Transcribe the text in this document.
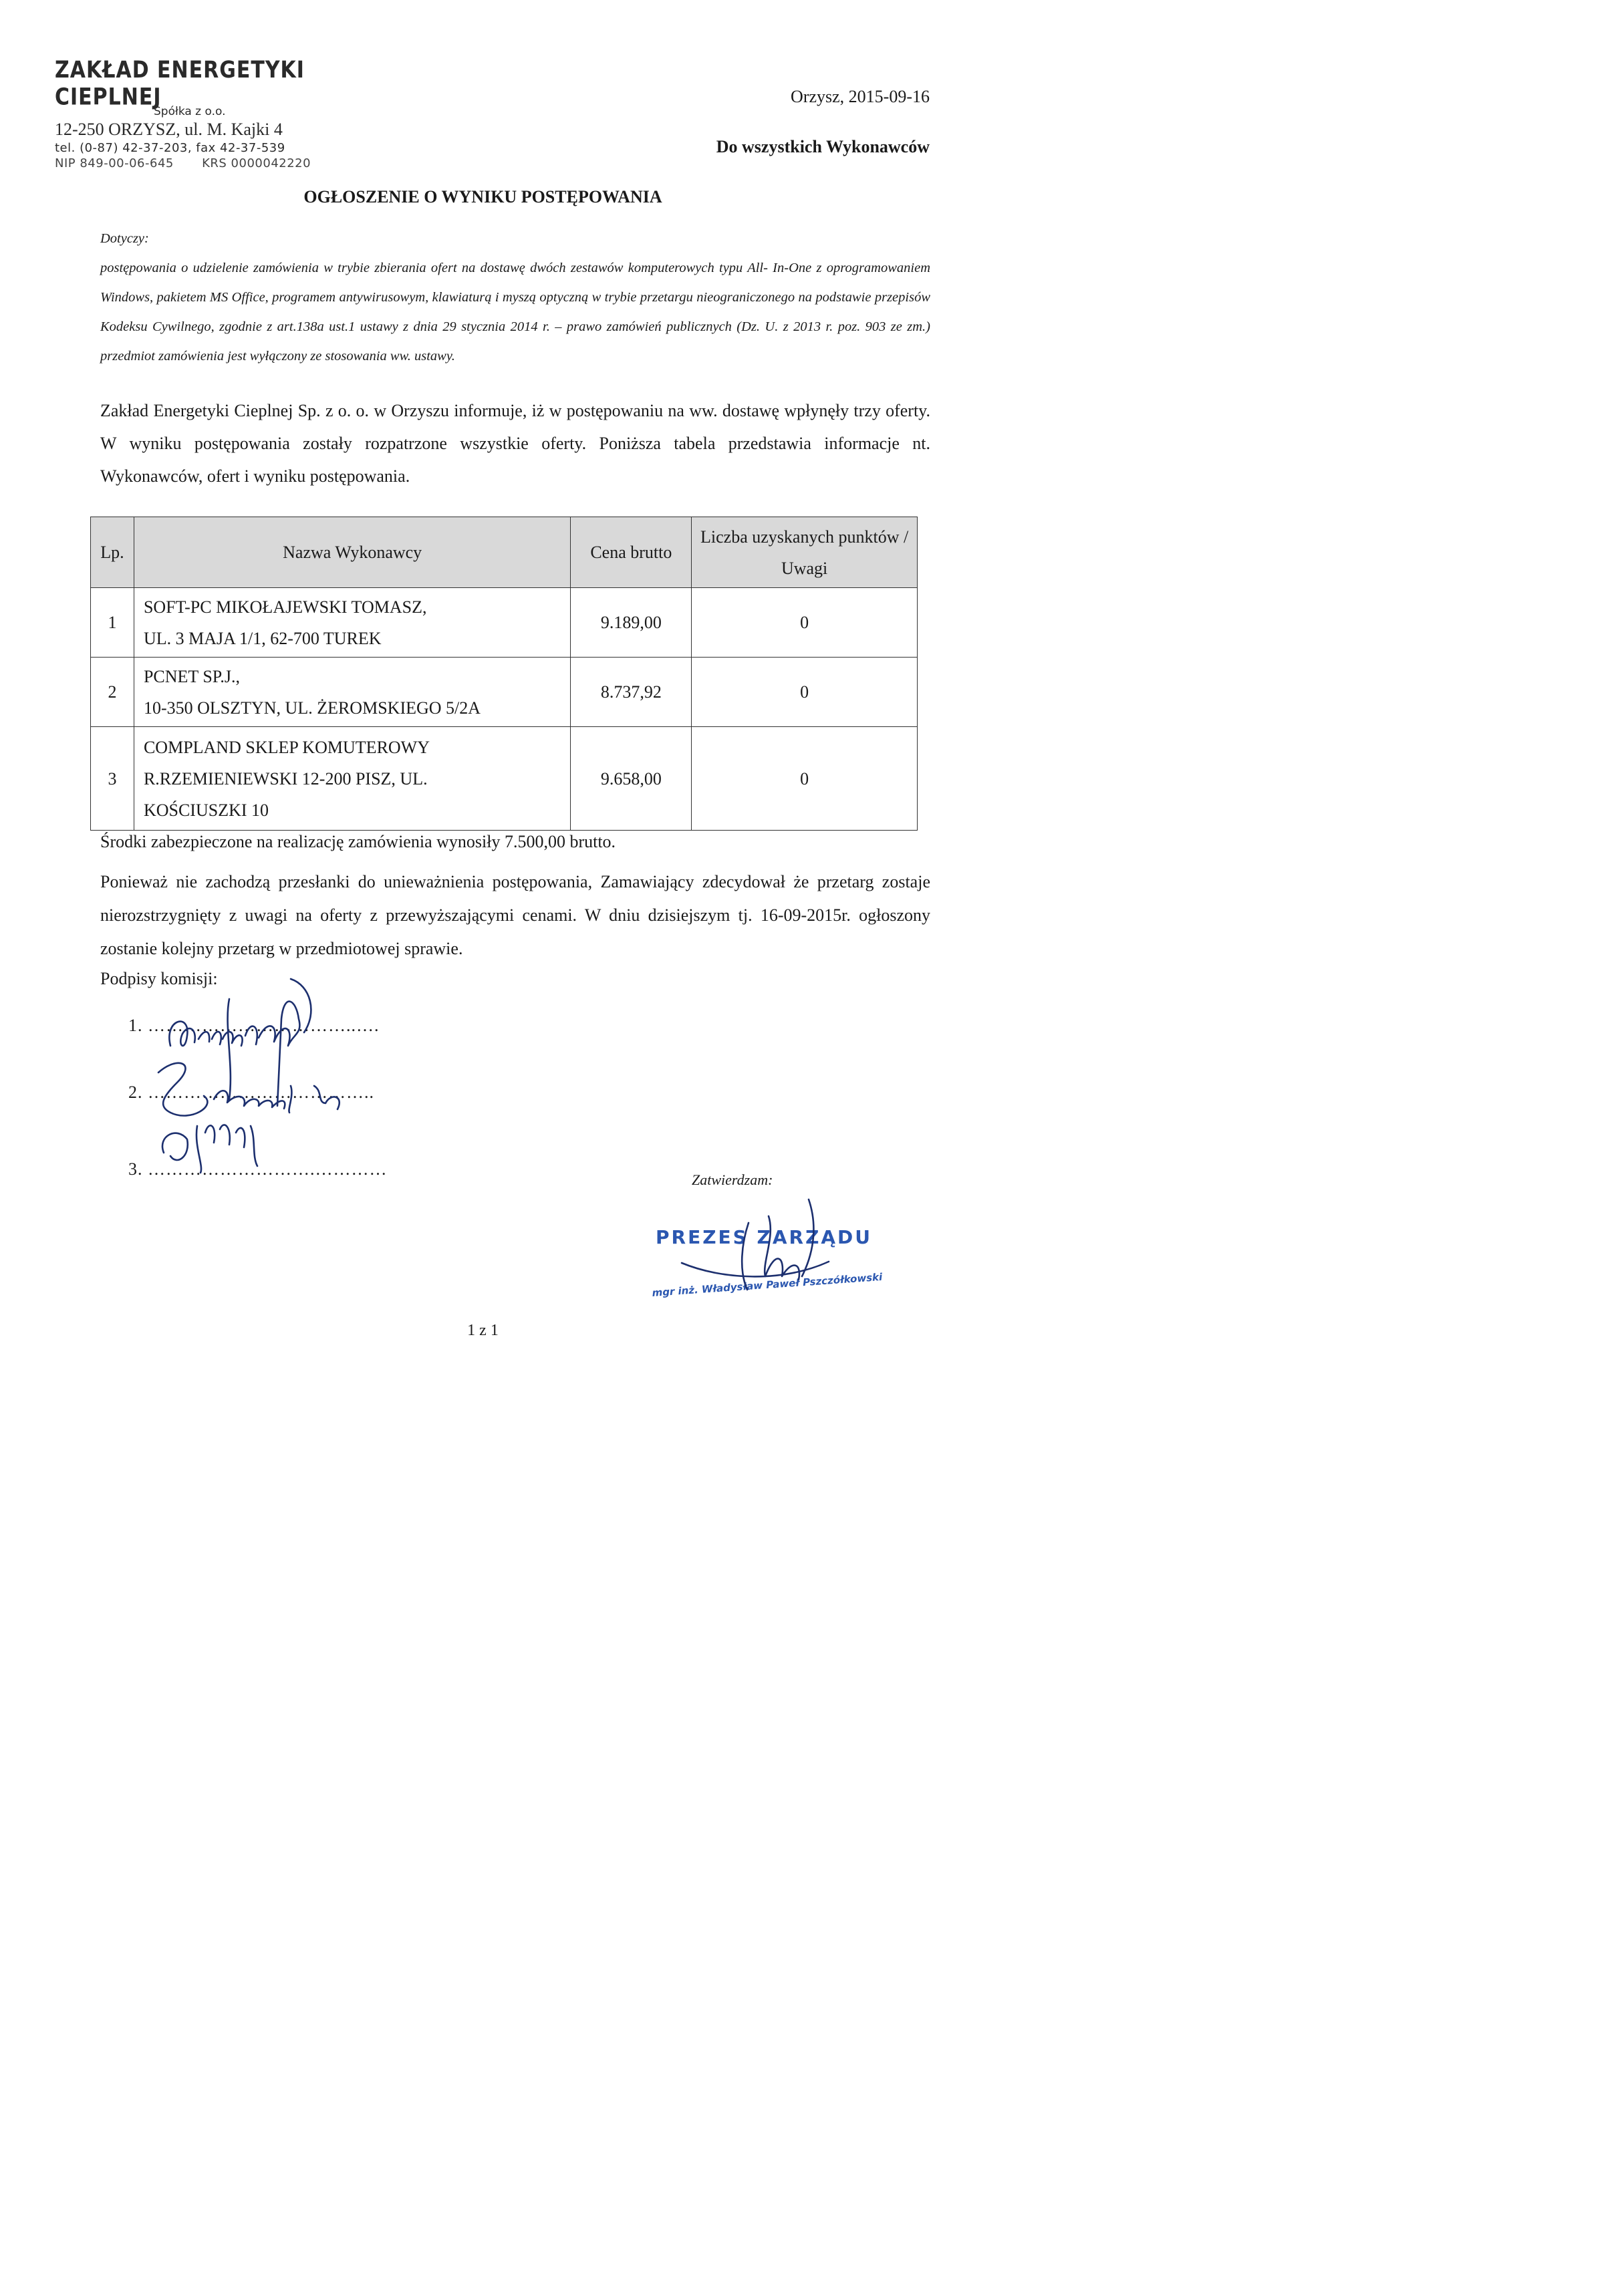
ZAKŁAD ENERGETYKI CIEPLNEJ
Spółka z o.o.
12-250 ORZYSZ, ul. M. Kajki 4
tel. (0-87) 42-37-203, fax 42-37-539
NIP 849-00-06-645 KRS 0000042220
Orzysz, 2015-09-16
Do wszystkich Wykonawców
OGŁOSZENIE O WYNIKU POSTĘPOWANIA

Dotyczy:

postępowania o udzielenie zamówienia w trybie zbierania ofert na dostawę dwóch zestawów komputerowych typu All- In-One z oprogramowaniem Windows, pakietem MS Office, programem antywirusowym, klawiaturą i myszą optyczną w trybie przetargu nieograniczonego na podstawie przepisów Kodeksu Cywilnego, zgodnie z art.138a ust.1 ustawy z dnia 29 stycznia 2014 r. – prawo zamówień publicznych (Dz. U. z 2013 r. poz. 903 ze zm.) przedmiot zamówienia jest wyłączony ze stosowania ww. ustawy.

Zakład Energetyki Cieplnej Sp. z o. o. w Orzyszu informuje, iż w postępowaniu na ww. dostawę wpłynęły trzy oferty. W wyniku postępowania zostały rozpatrzone wszystkie oferty. Poniższa tabela przedstawia informacje nt. Wykonawców, ofert i wyniku postępowania.
Lp.	Nazwa Wykonawcy	Cena brutto	Liczba uzyskanych punktów / Uwagi
1	SOFT-PC MIKOŁAJEWSKI TOMASZ,
UL. 3 MAJA 1/1, 62-700 TUREK	9.189,00	0
2	PCNET SP.J.,
10-350 OLSZTYN, UL. ŻEROMSKIEGO 5/2A	8.737,92	0
3	COMPLAND SKLEP KOMUTEROWY
R.RZEMIENIEWSKI 12-200 PISZ, UL.
KOŚCIUSZKI 10	9.658,00	0
Środki zabezpieczone na realizację zamówienia wynosiły 7.500,00 brutto.
Ponieważ nie zachodzą przesłanki do unieważnienia postępowania, Zamawiający zdecydował że przetarg zostaje nierozstrzygnięty z uwagi na oferty z przewyższającymi cenami. W dniu dzisiejszym tj. 16-09-2015r. ogłoszony zostanie kolejny przetarg w przedmiotowej sprawie.
Podpisy komisji:
1. ……………………………..….
2. ………………………………..
3. ……………………….…………
Zatwierdzam:
PREZES ZARZĄDU
mgr inż. Władysław Paweł Pszczółkowski
1 z 1
